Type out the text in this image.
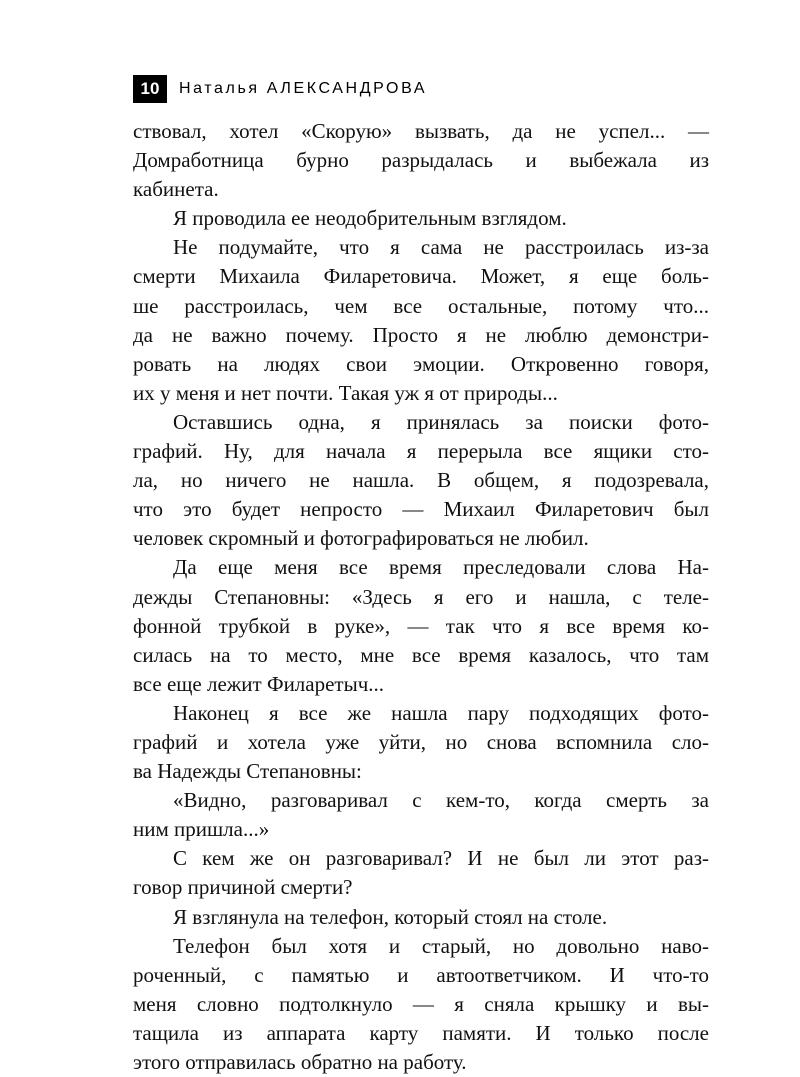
10	Наталья АЛЕКСАНДРОВА
ствовал, хотел «Скорую» вызвать, да не успел... —
Домработница бурно разрыдалась и выбежала из
кабинета.
Я проводила ее неодобрительным взглядом.
Не подумайте, что я сама не расстроилась из-за
смерти Михаила Филаретовича. Может, я еще боль-
ше расстроилась, чем все остальные, потому что...
да не важно почему. Просто я не люблю демонстри-
ровать на людях свои эмоции. Откровенно говоря,
их у меня и нет почти. Такая уж я от природы...
Оставшись одна, я принялась за поиски фото-
графий. Ну, для начала я перерыла все ящики сто-
ла, но ничего не нашла. В общем, я подозревала,
что это будет непросто — Михаил Филаретович был
человек скромный и фотографироваться не любил.
Да еще меня все время преследовали слова На-
дежды Степановны: «Здесь я его и нашла, с теле-
фонной трубкой в руке», — так что я все время ко-
силась на то место, мне все время казалось, что там
все еще лежит Филаретыч...
Наконец я все же нашла пару подходящих фото-
графий и хотела уже уйти, но снова вспомнила сло-
ва Надежды Степановны:
«Видно, разговаривал с кем-то, когда смерть за
ним пришла...»
С кем же он разговаривал? И не был ли этот раз-
говор причиной смерти?
Я взглянула на телефон, который стоял на столе.
Телефон был хотя и старый, но довольно наво-
роченный, с памятью и автоответчиком. И что-то
меня словно подтолкнуло — я сняла крышку и вы-
тащила из аппарата карту памяти. И только после
этого отправилась обратно на работу.
